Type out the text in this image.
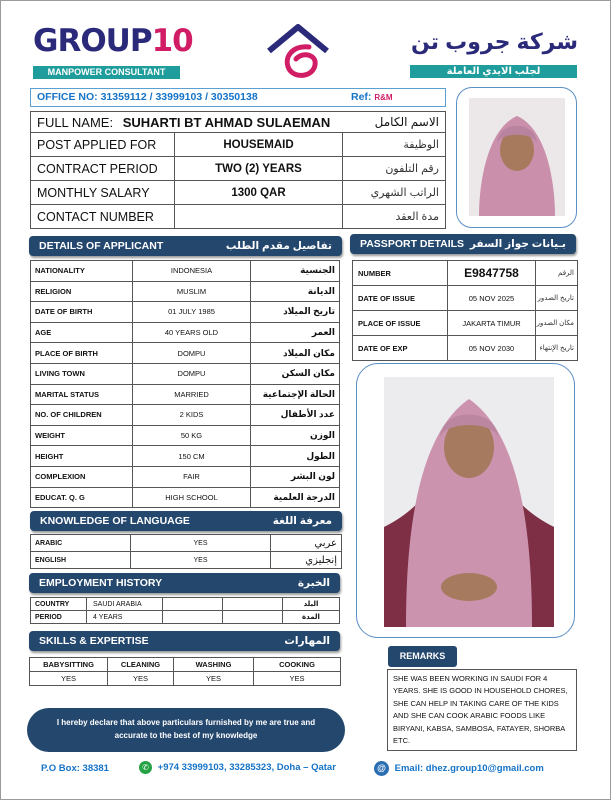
GROUP10
MANPOWER CONSULTANT
شركة جروب تن
لجلب الايدي العاملة
OFFICE NO: 31359112 / 33999103 / 30350138	Ref: R&M
FULL NAME: SUHARTI BT AHMAD SULAEMAN الاسم الكامل		

POST APPLIED FOR	HOUSEMAID	الوظيفة
CONTRACT PERIOD	TWO (2) YEARS	رقم التلفون
MONTHLY SALARY	1300 QAR	الراتب الشهري
CONTACT NUMBER		مدة العقد
DETAILS OF APPLICANT	تفاصيل مقدم الطلب
NATIONALITY	INDONESIA	الجنسية
RELIGION	MUSLIM	الديانة
DATE OF BIRTH	01 JULY 1985	تاريخ الميلاد
AGE	40 YEARS OLD	العمر
PLACE OF BIRTH	DOMPU	مكان الميلاد
LIVING TOWN	DOMPU	مكان السكن
MARITAL STATUS	MARRIED	الحالة الإجتماعية
NO. OF CHILDREN	2 KIDS	عدد الأطفال
WEIGHT	50 KG	الوزن
HEIGHT	150 CM	الطول
COMPLEXION	FAIR	لون البشر
EDUCAT. Q. G	HIGH SCHOOL	الدرجة العلمية
PASSPORT DETAILS بـيانات جواز السفر
NUMBER	E9847758	الرقم
DATE OF ISSUE	05 NOV 2025	تاريخ الصدور
PLACE OF ISSUE	JAKARTA TIMUR	مكان الصدور
DATE OF EXP	05 NOV 2030	تاريخ الإنتهاء
KNOWLEDGE OF LANGUAGE	معرفة اللغة
ARABIC	YES	عربي
ENGLISH	YES	إنجليزي
EMPLOYMENT HISTORY	الخبرة
COUNTRY	SAUDI ARABIA			البلد
PERIOD	4 YEARS			المدة
SKILLS & EXPERTISE	المهارات
BABYSITTING	CLEANING	WASHING	COOKING
YES	YES	YES	YES
REMARKS
SHE WAS BEEN WORKING IN SAUDI FOR 4 YEARS. SHE IS GOOD IN HOUSEHOLD CHORES, SHE CAN HELP IN TAKING CARE OF THE KIDS AND SHE CAN COOK ARABIC FOODS LIKE BIRYANI, KABSA, SAMBOSA, FATAYER, SHORBA ETC.
I hereby declare that above particulars furnished by me are true and accurate to the best of my knowledge
P.O Box: 38381	✆ +974 33999103, 33285323, Doha – Qatar	@ Email: dhez.group10@gmail.com
